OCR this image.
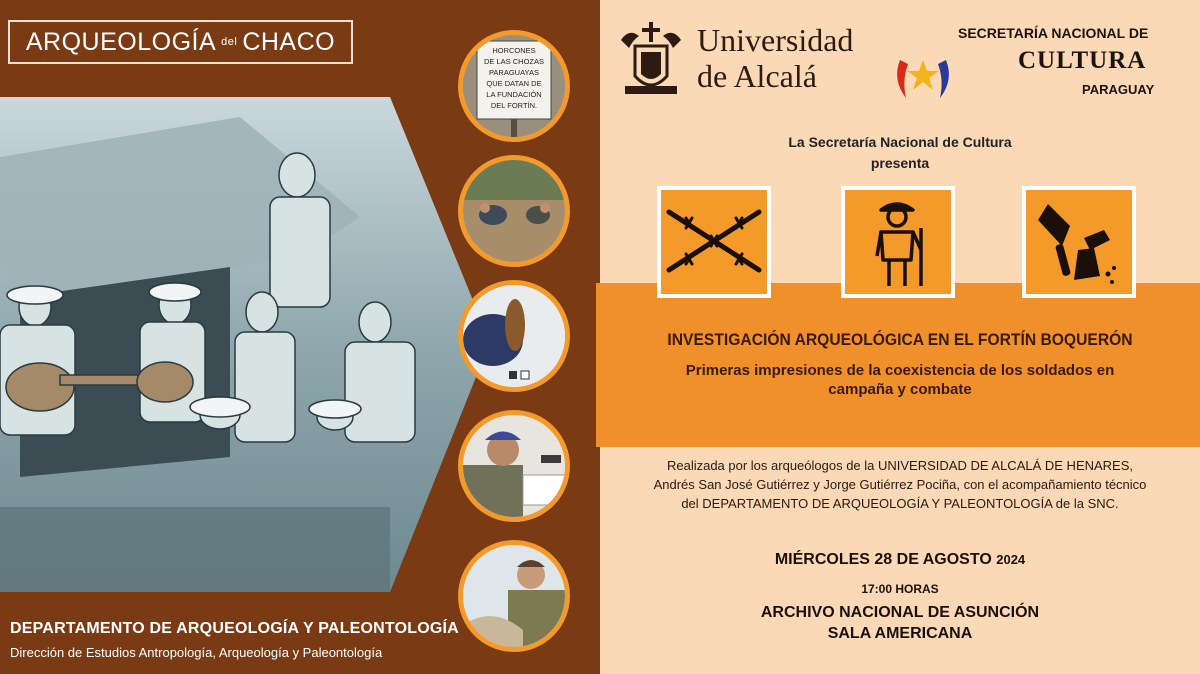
ARQUEOLOGÍA del CHACO	HORCONES
DE LAS CHOZAS
PARAGUAYAS
QUE DATAN DE
LA FUNDACIÓN
DEL FORTÍN.
DEPARTAMENTO DE ARQUEOLOGÍA Y PALEONTOLOGÍA
Dirección de Estudios Antropología, Arqueología y Paleontología
Universidad
de Alcalá
SECRETARÍA NACIONAL DE
CULTURA
PARAGUAY
La Secretaría Nacional de Cultura
presenta
INVESTIGACIÓN ARQUEOLÓGICA EN EL FORTÍN BOQUERÓN
Primeras impresiones de la coexistencia de los soldados en
campaña y combate
Realizada por los arqueólogos de la UNIVERSIDAD DE ALCALÁ DE HENARES,
Andrés San José Gutiérrez y Jorge Gutiérrez Pociña, con el acompañamiento técnico
del DEPARTAMENTO DE ARQUEOLOGÍA Y PALEONTOLOGÍA de la SNC.
MIÉRCOLES 28 DE AGOSTO 2024
17:00 HORAS
ARCHIVO NACIONAL DE ASUNCIÓN
SALA AMERICANA
